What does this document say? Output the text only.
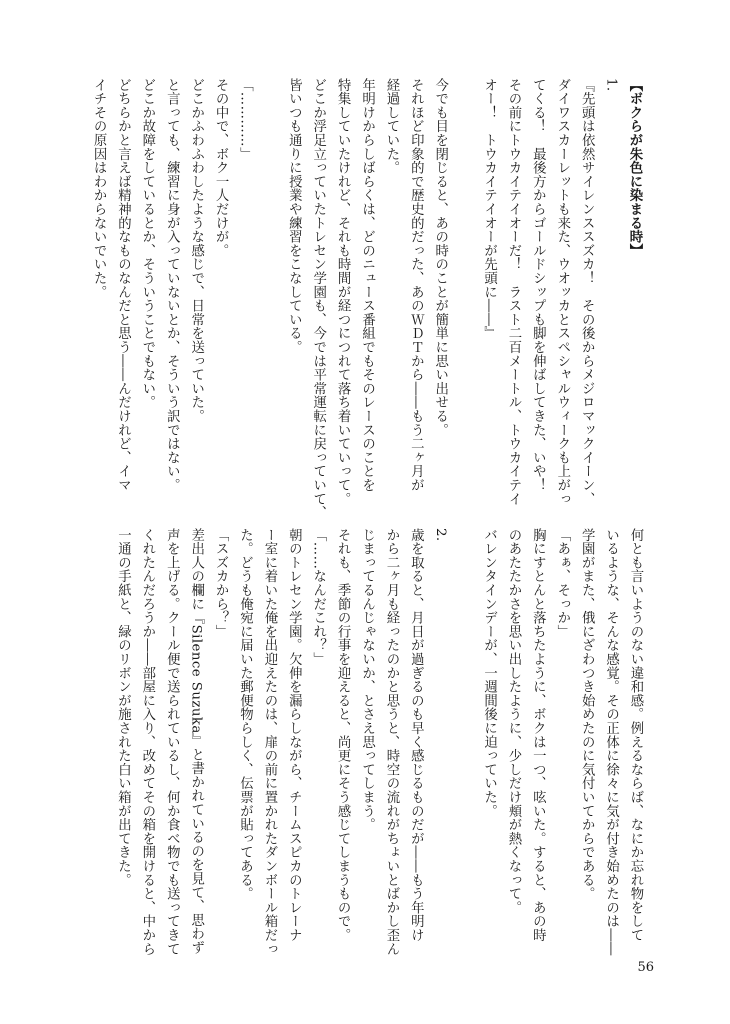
【ボクらが朱色に染まる時】
1.
『先頭は依然サイレンススズカ！　その後からメジロマックイーン、
ダイワスカーレットも来た、ウオッカとスペシャルウィークも上がっ
てくる！　最後方からゴールドシップも脚を伸ばしてきた、いや！
その前にトウカイテイオーだ！　ラスト二百メートル、トウカイテイ
オー！　トウカイテイオーが先頭に――』

今でも目を閉じると、あの時のことが簡単に思い出せる。
それほど印象的で歴史的だった、あのＷＤＴから――もう二ヶ月が
経過していた。
年明けからしばらくは、どのニュース番組でもそのレースのことを
特集していたけれど、それも時間が経つにつれて落ち着いていって。
どこか浮足立っていたトレセン学園も、今では平常運転に戻っていて、
皆いつも通りに授業や練習をこなしている。

「…………」
その中で、ボク一人だけが。
どこかふわふわしたような感じで、日常を送っていた。
と言っても、練習に身が入っていないとか、そういう訳ではない。
どこか故障をしているとか、そういうことでもない。
どちらかと言えば精神的なものなんだと思う――んだけれど、イマ
イチその原因はわからないでいた。
何とも言いようのない違和感。例えるならば、なにか忘れ物をして
いるような、そんな感覚。その正体に徐々に気が付き始めたのは――
学園がまた、俄にざわつき始めたのに気付いてからである。
「あぁ、そっか」
胸にすとんと落ちたように、ボクは一つ、呟いた。すると、あの時
のあたたかさを思い出したように、少しだけ頬が熱くなって。
バレンタインデーが、一週間後に迫っていた。

2.
歳を取ると、月日が過ぎるのも早く感じるものだが――もう年明け
から二ヶ月も経ったのかと思うと、時空の流れがちょいとばかし歪ん
じまってるんじゃないか、とさえ思ってしまう。
それも、季節の行事を迎えると、尚更にそう感じてしまうもので。
「……なんだこれ？」
朝のトレセン学園。欠伸を漏らしながら、チームスピカのトレーナ
ー室に着いた俺を出迎えたのは、扉の前に置かれたダンボール箱だっ
た。どうも俺宛に届いた郵便物らしく、伝票が貼ってある。
「スズカから？」
差出人の欄に『Silence Suzuka』と書かれているのを見て、思わず
声を上げる。クール便で送られているし、何か食べ物でも送ってきて
くれたんだろうか――部屋に入り、改めてその箱を開けると、中から
一通の手紙と、緑のリボンが施された白い箱が出てきた。
56
